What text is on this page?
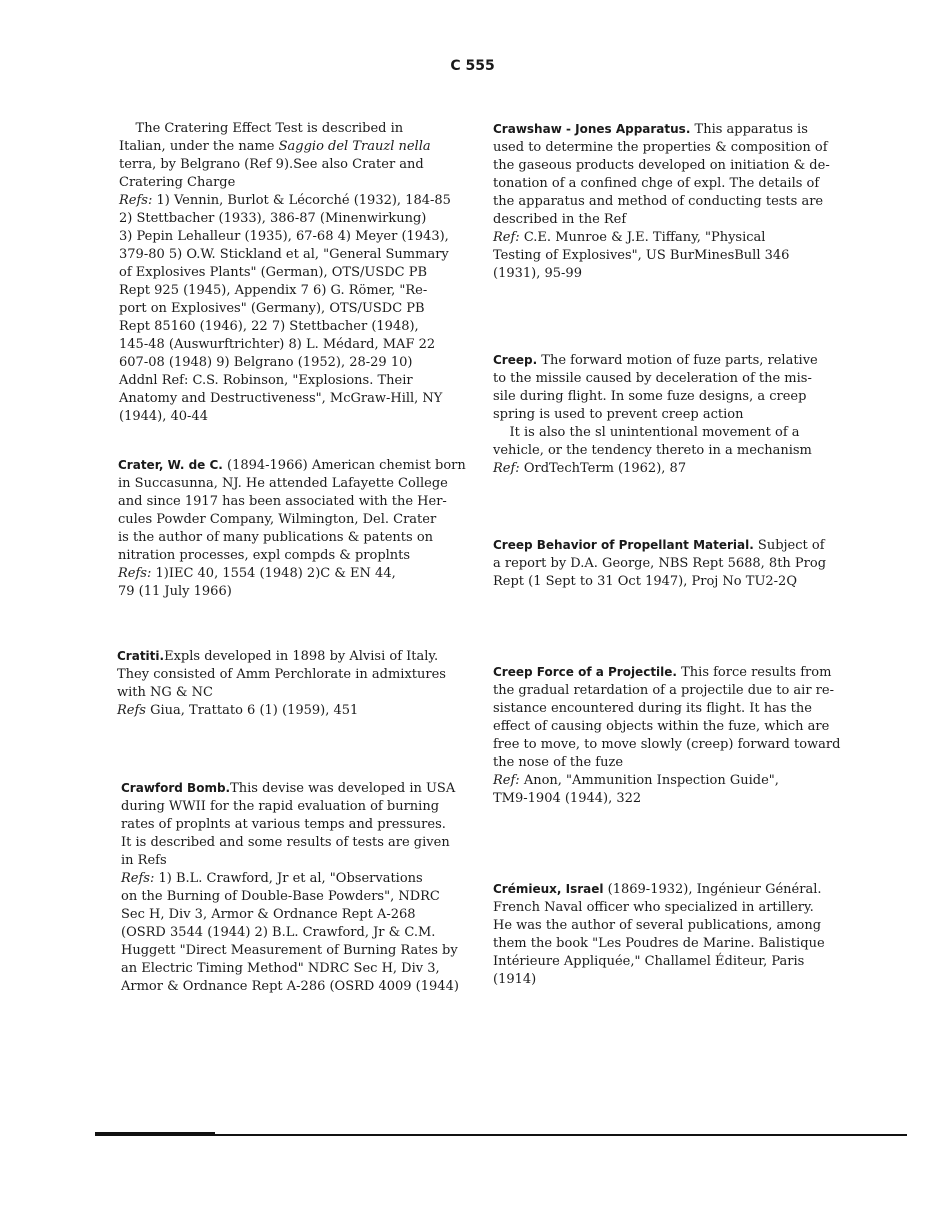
C 555
The Cratering Effect Test is described in
Italian, under the name Saggio del Trauzl nella
terra, by Belgrano (Ref 9).See also Crater and
Cratering Charge
Refs: 1) Vennin, Burlot & Lécorché (1932), 184-85
2) Stettbacher (1933), 386-87 (Minenwirkung)
3) Pepin Lehalleur (1935), 67-68 4) Meyer (1943),
379-80 5) O.W. Stickland et al, "General Summary
of Explosives Plants" (German), OTS/USDC PB
Rept 925 (1945), Appendix 7 6) G. Römer, "Re-
port on Explosives" (Germany), OTS/USDC PB
Rept 85160 (1946), 22 7) Stettbacher (1948),
145-48 (Auswurftrichter) 8) L. Médard, MAF 22
607-08 (1948) 9) Belgrano (1952), 28-29 10)
Addnl Ref: C.S. Robinson, "Explosions. Their
Anatomy and Destructiveness", McGraw-Hill, NY
(1944), 40-44
Crater, W. de C. (1894-1966) American chemist born
in Succasunna, NJ. He attended Lafayette College
and since 1917 has been associated with the Her-
cules Powder Company, Wilmington, Del. Crater
is the author of many publications & patents on
nitration processes, expl compds & proplnts
Refs: 1)IEC 40, 1554 (1948) 2)C & EN 44,
79 (11 July 1966)
Cratiti.Expls developed in 1898 by Alvisi of Italy.
They consisted of Amm Perchlorate in admixtures
with NG & NC
Refs Giua, Trattato 6 (1) (1959), 451
Crawford Bomb.This devise was developed in USA
during WWII for the rapid evaluation of burning
rates of proplnts at various temps and pressures.
It is described and some results of tests are given
in Refs
Refs: 1) B.L. Crawford, Jr et al, "Observations
on the Burning of Double-Base Powders", NDRC
Sec H, Div 3, Armor & Ordnance Rept A-268
(OSRD 3544 (1944) 2) B.L. Crawford, Jr & C.M.
Huggett "Direct Measurement of Burning Rates by
an Electric Timing Method" NDRC Sec H, Div 3,
Armor & Ordnance Rept A-286 (OSRD 4009 (1944)
Crawshaw - Jones Apparatus. This apparatus is
used to determine the properties & composition of
the gaseous products developed on initiation & de-
tonation of a confined chge of expl. The details of
the apparatus and method of conducting tests are
described in the Ref
Ref: C.E. Munroe & J.E. Tiffany, "Physical
Testing of Explosives", US BurMinesBull 346
(1931), 95-99
Creep. The forward motion of fuze parts, relative
to the missile caused by deceleration of the mis-
sile during flight. In some fuze designs, a creep
spring is used to prevent creep action
It is also the sl unintentional movement of a
vehicle, or the tendency thereto in a mechanism
Ref: OrdTechTerm (1962), 87
Creep Behavior of Propellant Material. Subject of
a report by D.A. George, NBS Rept 5688, 8th Prog
Rept (1 Sept to 31 Oct 1947), Proj No TU2-2Q
Creep Force of a Projectile. This force results from
the gradual retardation of a projectile due to air re-
sistance encountered during its flight. It has the
effect of causing objects within the fuze, which are
free to move, to move slowly (creep) forward toward
the nose of the fuze
Ref: Anon, "Ammunition Inspection Guide",
TM9-1904 (1944), 322
Crémieux, Israel (1869-1932), Ingénieur Général.
French Naval officer who specialized in artillery.
He was the author of several publications, among
them the book "Les Poudres de Marine. Balistique
Intérieure Appliquée," Challamel Éditeur, Paris
(1914)
